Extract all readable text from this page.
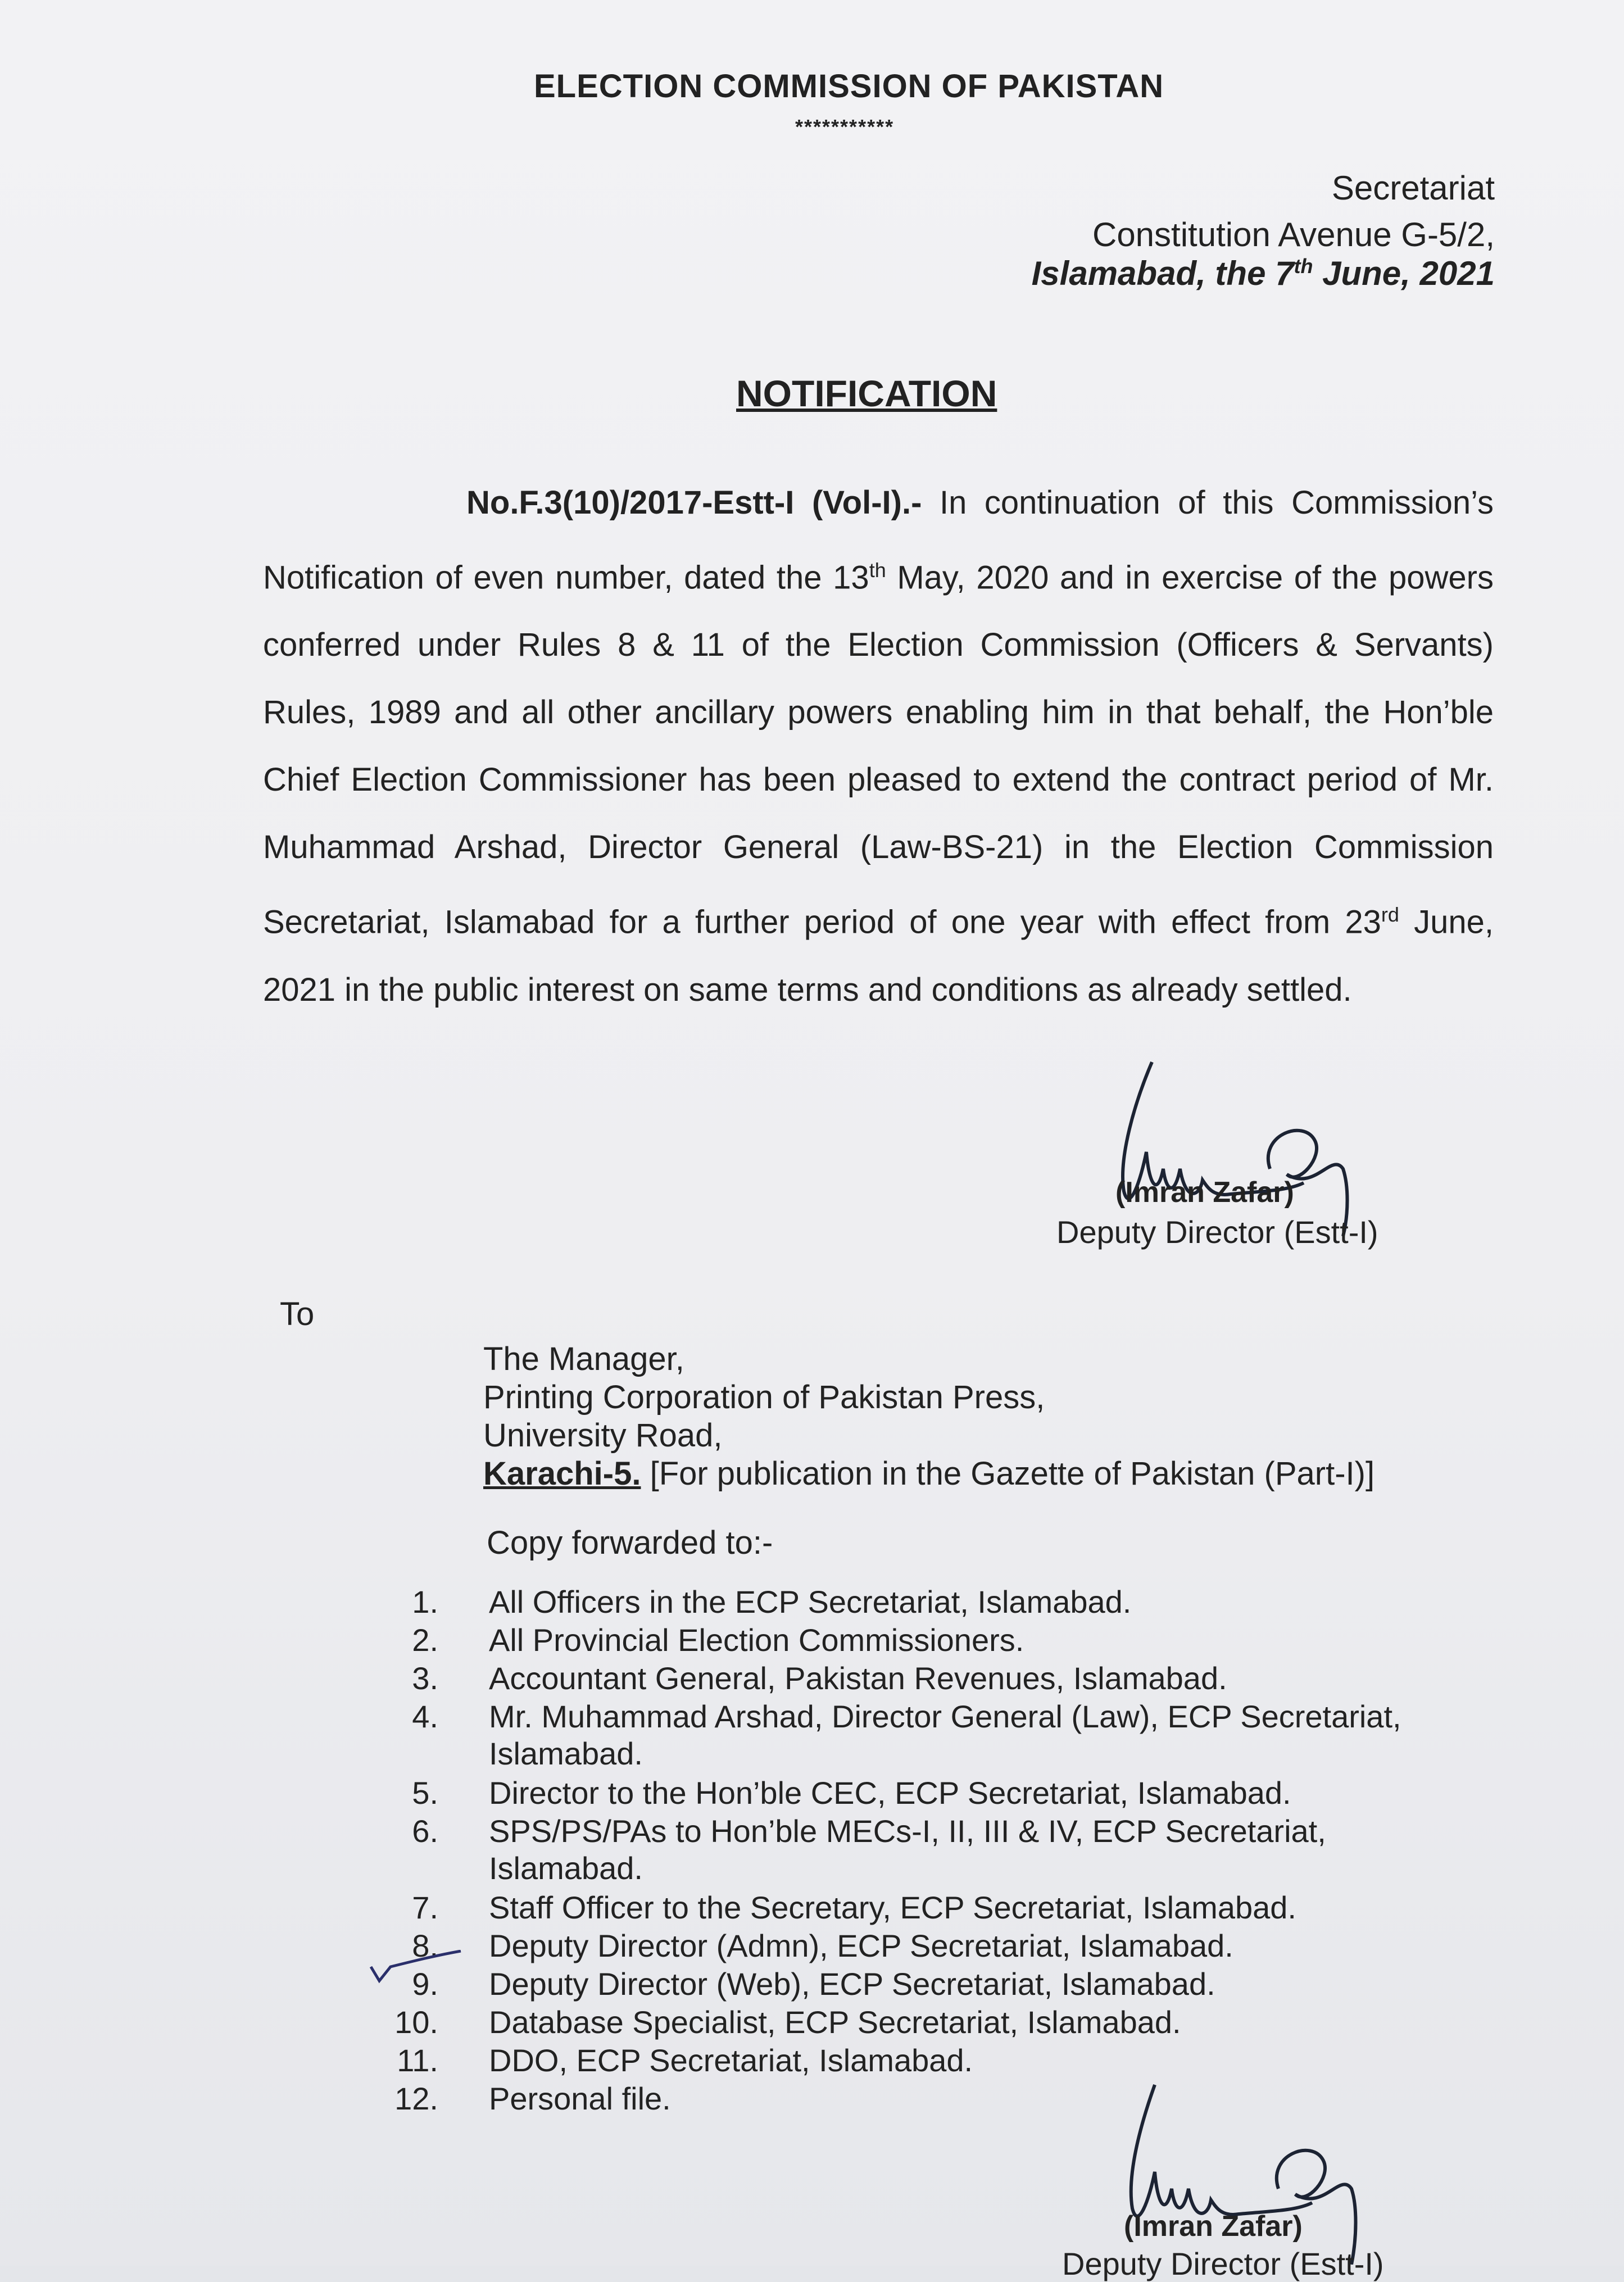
ELECTION COMMISSION OF PAKISTAN
***********
Secretariat
Constitution Avenue G-5/2,
Islamabad, the 7th June, 2021
NOTIFICATION
No.F.3(10)/2017-Estt-I (Vol-I).- In continuation of this Commission’s Notification of even number, dated the 13th May, 2020 and in exercise of the powers conferred under Rules 8 & 11 of the Election Commission (Officers & Servants) Rules, 1989 and all other ancillary powers enabling him in that behalf, the Hon’ble Chief Election Commissioner has been pleased to extend the contract period of Mr. Muhammad Arshad, Director General (Law-BS-21) in the Election Commission Secretariat, Islamabad for a further period of one year with effect from 23rd June, 2021 in the public interest on same terms and conditions as already settled.
(Imran Zafar)
Deputy Director (Estt-I)
To
The Manager,
Printing Corporation of Pakistan Press,
University Road,
Karachi-5. [For publication in the Gazette of Pakistan (Part-I)]
Copy forwarded to:-
1. All Officers in the ECP Secretariat, Islamabad.
2. All Provincial Election Commissioners.
3. Accountant General, Pakistan Revenues, Islamabad.
4. Mr. Muhammad Arshad, Director General (Law), ECP Secretariat,
Islamabad.
5. Director to the Hon’ble CEC, ECP Secretariat, Islamabad.
6. SPS/PS/PAs to Hon’ble MECs-I, II, III & IV, ECP Secretariat,
Islamabad.
7. Staff Officer to the Secretary, ECP Secretariat, Islamabad.
8. Deputy Director (Admn), ECP Secretariat, Islamabad.
9. Deputy Director (Web), ECP Secretariat, Islamabad.
10. Database Specialist, ECP Secretariat, Islamabad.
11. DDO, ECP Secretariat, Islamabad.
12. Personal file.
(Imran Zafar)
Deputy Director (Estt-I)
